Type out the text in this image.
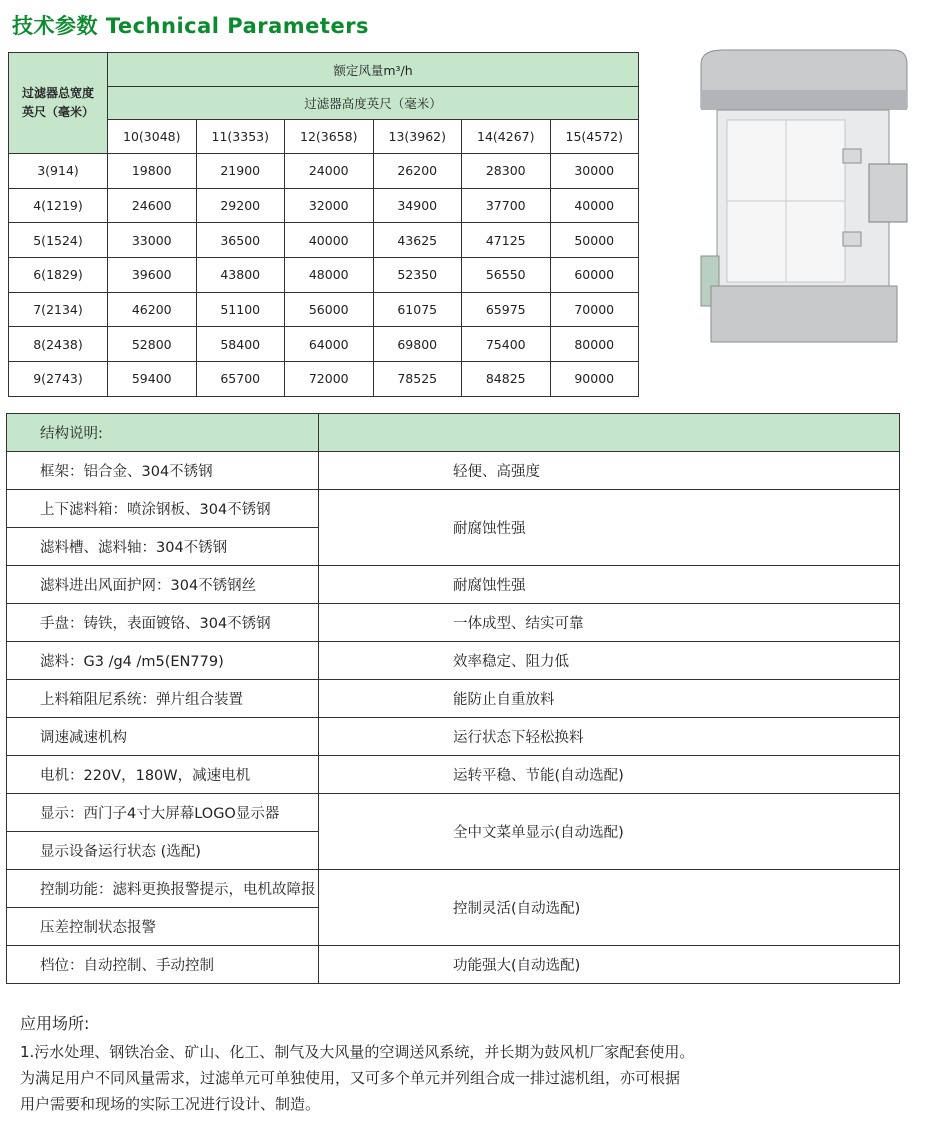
技术参数 Technical Parameters
过滤器总宽度
英尺（毫米）	额定风量m³/h					
	过滤器高度英尺（毫米）					
	10(3048)	11(3353)	12(3658)	13(3962)	14(4267)	15(4572)
3(914)	19800	21900	24000	26200	28300	30000
4(1219)	24600	29200	32000	34900	37700	40000
5(1524)	33000	36500	40000	43625	47125	50000
6(1829)	39600	43800	48000	52350	56550	60000
7(2134)	46200	51100	56000	61075	65975	70000
8(2438)	52800	58400	64000	69800	75400	80000
9(2743)	59400	65700	72000	78525	84825	90000
结构说明:	
框架：铝合金、304不锈钢	轻便、高强度
上下滤料箱：喷涂钢板、304不锈钢	耐腐蚀性强
滤料槽、滤料轴：304不锈钢	
滤料进出风面护网：304不锈钢丝	耐腐蚀性强
手盘：铸铁，表面镀铬、304不锈钢	一体成型、结实可靠
滤料：G3 /g4 /m5(EN779)	效率稳定、阻力低
上料箱阻尼系统：弹片组合装置	能防止自重放料
调速减速机构	运行状态下轻松换料
电机：220V，180W，减速电机	运转平稳、节能(自动选配)
显示：西门子4寸大屏幕LOGO显示器	全中文菜单显示(自动选配)
显示设备运行状态 (选配)	
控制功能：滤料更换报警提示，电机故障报	控制灵活(自动选配)
压差控制状态报警	
档位：自动控制、手动控制	功能强大(自动选配)

应用场所:

1.污水处理、钢铁冶金、矿山、化工、制气及大风量的空调送风系统，并长期为鼓风机厂家配套使用。

为满足用户不同风量需求，过滤单元可单独使用，又可多个单元并列组合成一排过滤机组，亦可根据

用户需要和现场的实际工况进行设计、制造。
